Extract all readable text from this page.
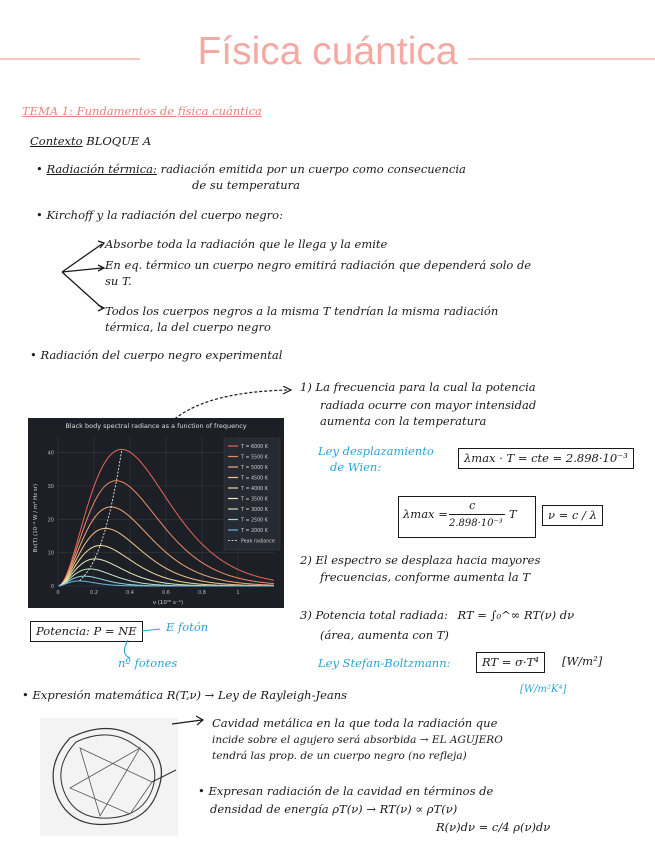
Física cuántica
TEMA 1: Fundamentos de física cuántica
Contexto BLOQUE A
• Radiación térmica: radiación emitida por un cuerpo como consecuencia
de su temperatura
• Kirchoff y la radiación del cuerpo negro:
Absorbe toda la radiación que le llega y la emite
En eq. térmico un cuerpo negro emitirá radiación que dependerá solo de
su T.
Todos los cuerpos negros a la misma T tendrían la misma radiación
térmica, la del cuerpo negro
• Radiación del cuerpo negro experimental
Black body spectral radiance as a function of frequency
0
10
20
30
40
0	0.2	0.4	0.6	0.8	1
T = 6000 K
T = 5500 K
T = 5000 K
T = 4500 K
T = 4000 K
T = 3500 K
T = 3000 K
T = 2500 K
T = 2000 K
Peak radiance
ν (10¹⁵ s⁻¹)
Bν(T) (10⁻⁹ W / m² Hz sr)
1) La frecuencia para la cual la potencia
radiada ocurre con mayor intensidad
aumenta con la temperatura
Ley desplazamiento
de Wien:
λmax · T = cte = 2.898·10⁻³
λmax =
c
2.898·10⁻³
T	ν = c / λ
2) El espectro se desplaza hacia mayores
frecuencias, conforme aumenta la T
3) Potencia total radiada: RT = ∫₀^∞ RT(ν) dν
(área, aumenta con T)
Ley Stefan-Boltzmann:	RT = σ·T⁴	[W/m²]
[W/m²K⁴]
Potencia: P = NE	E fotón
nº fotones
• Expresión matemática R(T,ν) → Ley de Rayleigh-Jeans
Cavidad metálica en la que toda la radiación que
incide sobre el agujero será absorbida → EL AGUJERO
tendrá las prop. de un cuerpo negro (no refleja)
• Expresan radiación de la cavidad en términos de
densidad de energía ρT(ν) → RT(ν) ∝ ρT(ν)
R(ν)dν = c/4 ρ(ν)dν
